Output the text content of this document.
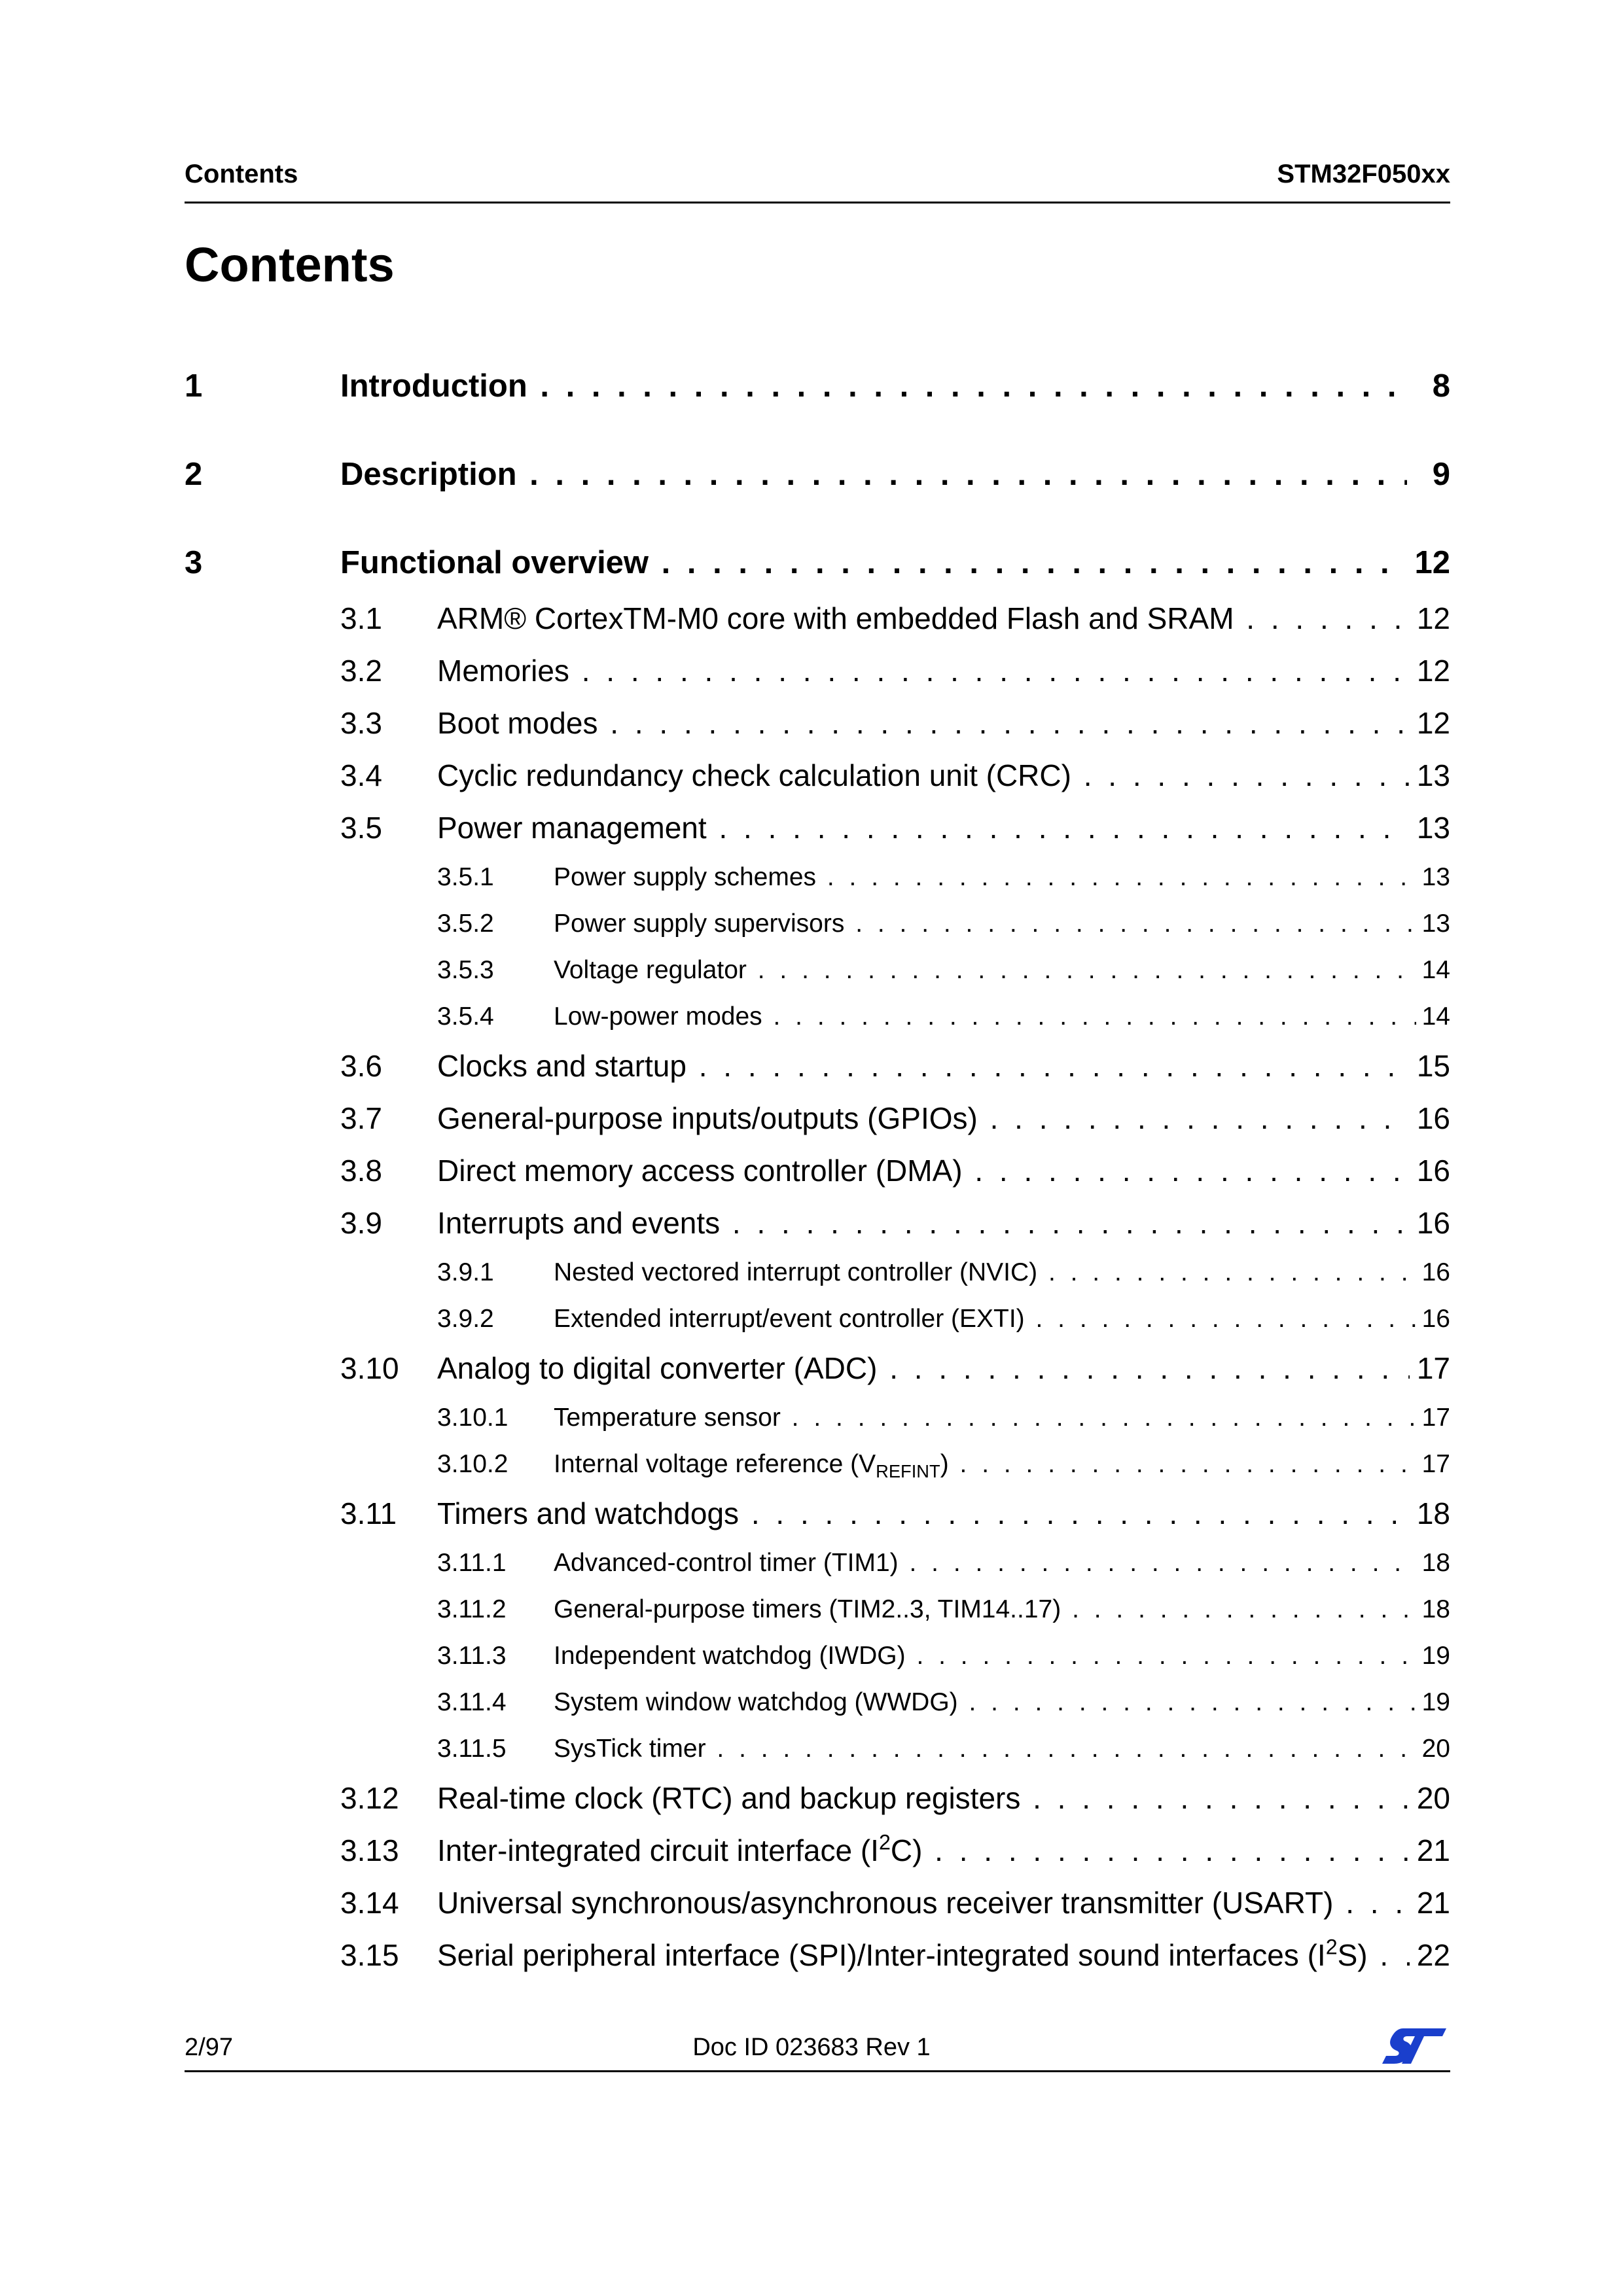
Contents	STM32F050xx
Contents
1	Introduction . . .	8
2	Description . . .	9
3	Functional overview . . .	12
3.1 ARM® CortexTM-M0 core with embedded Flash and SRAM . . .	12
3.2 Memories . . .	12
3.3 Boot modes . . .	12
3.4 Cyclic redundancy check calculation unit (CRC) . . .	13
3.5 Power management . . .	13
3.5.1 Power supply schemes . . .	13
3.5.2 Power supply supervisors . . .	13
3.5.3 Voltage regulator . . .	14
3.5.4 Low-power modes . . .	14
3.6 Clocks and startup . . .	15
3.7 General-purpose inputs/outputs (GPIOs) . . .	16
3.8 Direct memory access controller (DMA) . . .	16
3.9 Interrupts and events . . .	16
3.9.1 Nested vectored interrupt controller (NVIC) . . .	16
3.9.2 Extended interrupt/event controller (EXTI) . . .	16
3.10 Analog to digital converter (ADC) . . .	17
3.10.1 Temperature sensor . . .	17
3.10.2 Internal voltage reference $(V_{REFINT})$ . . .	17
3.11 Timers and watchdogs . . .	18
3.11.1 Advanced-control timer (TIM1) . . .	18
3.11.2 General-purpose timers (TIM2..3, TIM14..17) . . .	18
3.11.3 Independent watchdog (IWDG) . . .	19
3.11.4 System window watchdog (WWDG) . . .	19
3.11.5 SysTick timer . . .	20
3.12 Real-time clock (RTC) and backup registers . . .	20
3.13 Inter-integrated circuit interface $(I^2C)$ . . .	21
3.14 Universal synchronous/asynchronous receiver transmitter (USART) . . .	21
3.15 Serial peripheral interface (SPI)/Inter-integrated sound interfaces $(I^2S)$ . . .	22
2/97	Doc ID 023683 Rev 1
